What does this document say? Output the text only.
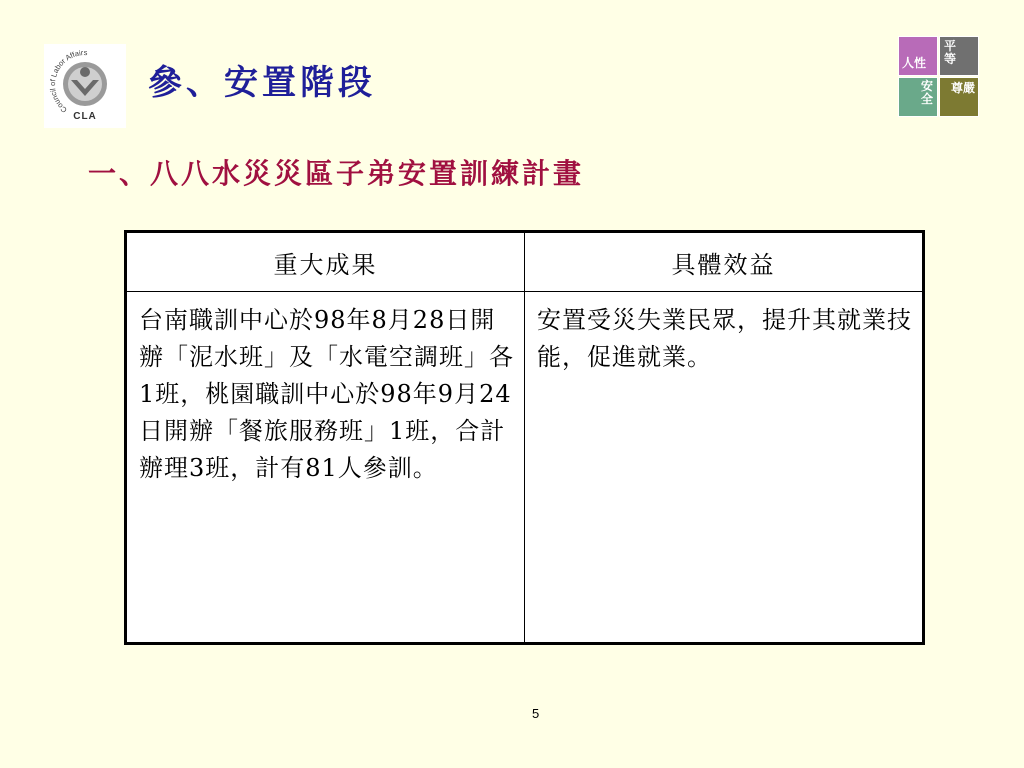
Council of Labor Affairs
CLA
參、安置階段	人性
平
等
安
全
尊嚴
一、八八水災災區子弟安置訓練計畫
重大成果	具體效益
台南職訓中心於98年8月28日開辦「泥水班」及「水電空調班」各1班，桃園職訓中心於98年9月24日開辦「餐旅服務班」1班，合計辦理3班，計有81人參訓。	安置受災失業民眾，提升其就業技能，促進就業。
5
